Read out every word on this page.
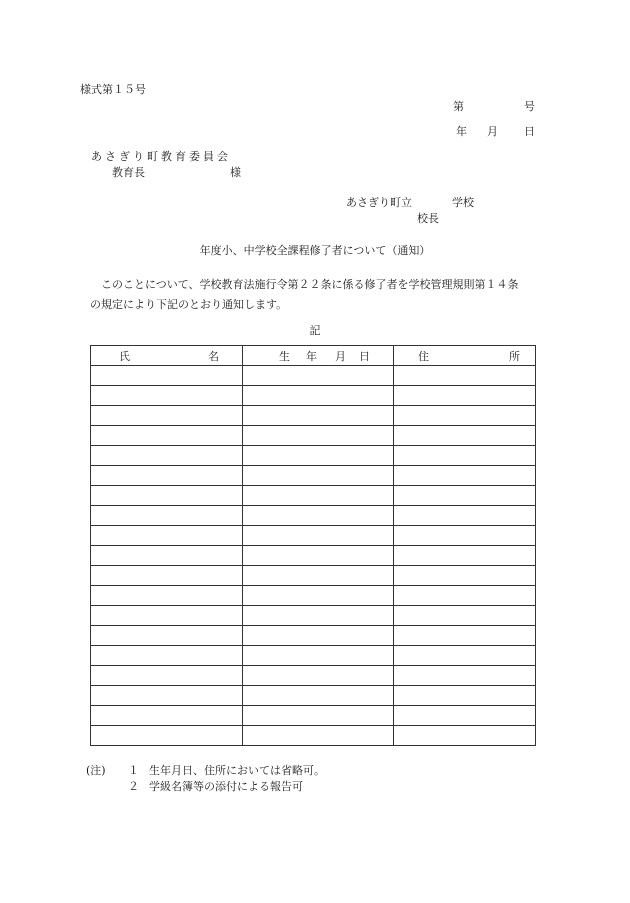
様式第１５号
第	号
年 月 日
あさぎり町教育委員会
教育長	様
あさぎり町立	学校
校長
年度小、中学校全課程修了者について（通知）
このことについて、学校教育法施行令第２２条に係る修了者を学校管理規則第１４条
の規定により下記のとおり通知します。
記
氏 名	生 年 月 日	住 所

(注) １ 生年月日、住所においては省略可。
２ 学級名簿等の添付による報告可
